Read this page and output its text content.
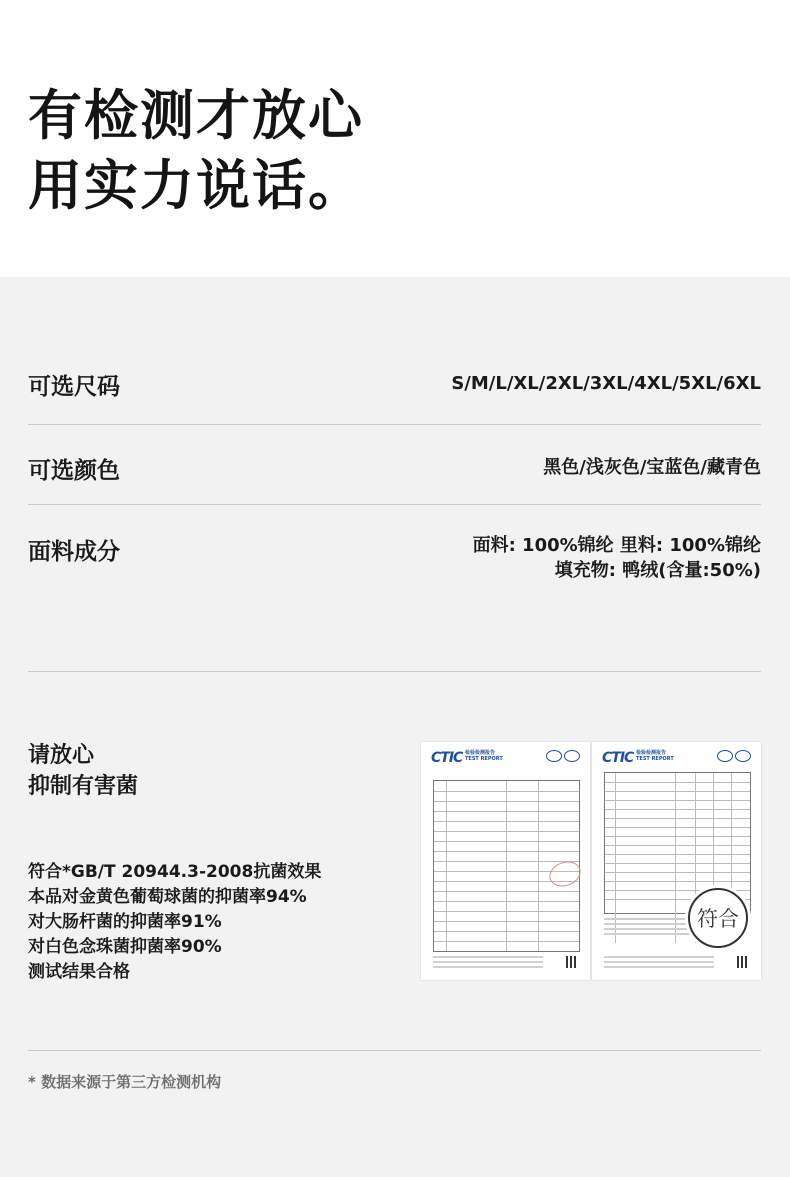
有检测才放心
用实力说话。
可选尺码	S/M/L/XL/2XL/3XL/4XL/5XL/6XL
可选颜色	黑色/浅灰色/宝蓝色/藏青色
面料成分	面料: 100%锦纶 里料: 100%锦纶
填充物: 鸭绒(含量:50%)
请放心
抑制有害菌
符合*GB/T 20944.3-2008抗菌效果
本品对金黄色葡萄球菌的抑菌率94%
对大肠杆菌的抑菌率91%
对白色念珠菌抑菌率90%
测试结果合格
CTIC 检验检测报告
TEST REPORT	CTIC 检验检测报告
TEST REPORT
符合
* 数据来源于第三方检测机构
